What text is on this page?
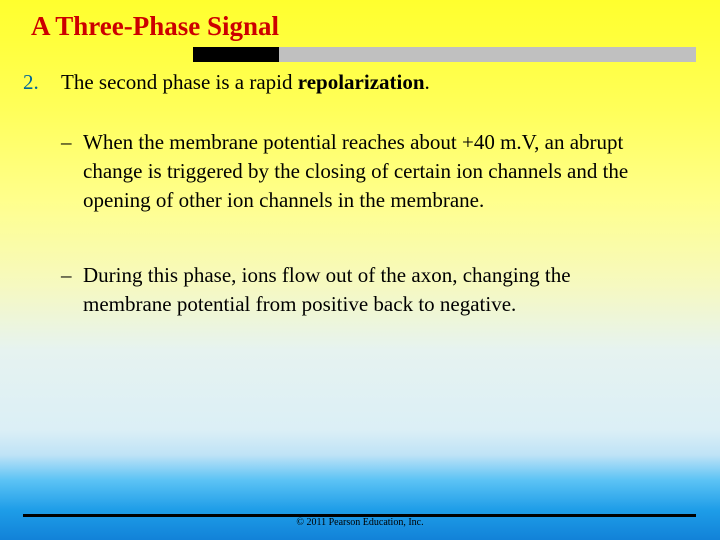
A Three-Phase Signal
2. The second phase is a rapid repolarization.
– When the membrane potential reaches about +40 m.V, an abrupt change is triggered by the closing of certain ion channels and the opening of other ion channels in the membrane.
– During this phase, ions flow out of the axon, changing the membrane potential from positive back to negative.
© 2011 Pearson Education, Inc.
